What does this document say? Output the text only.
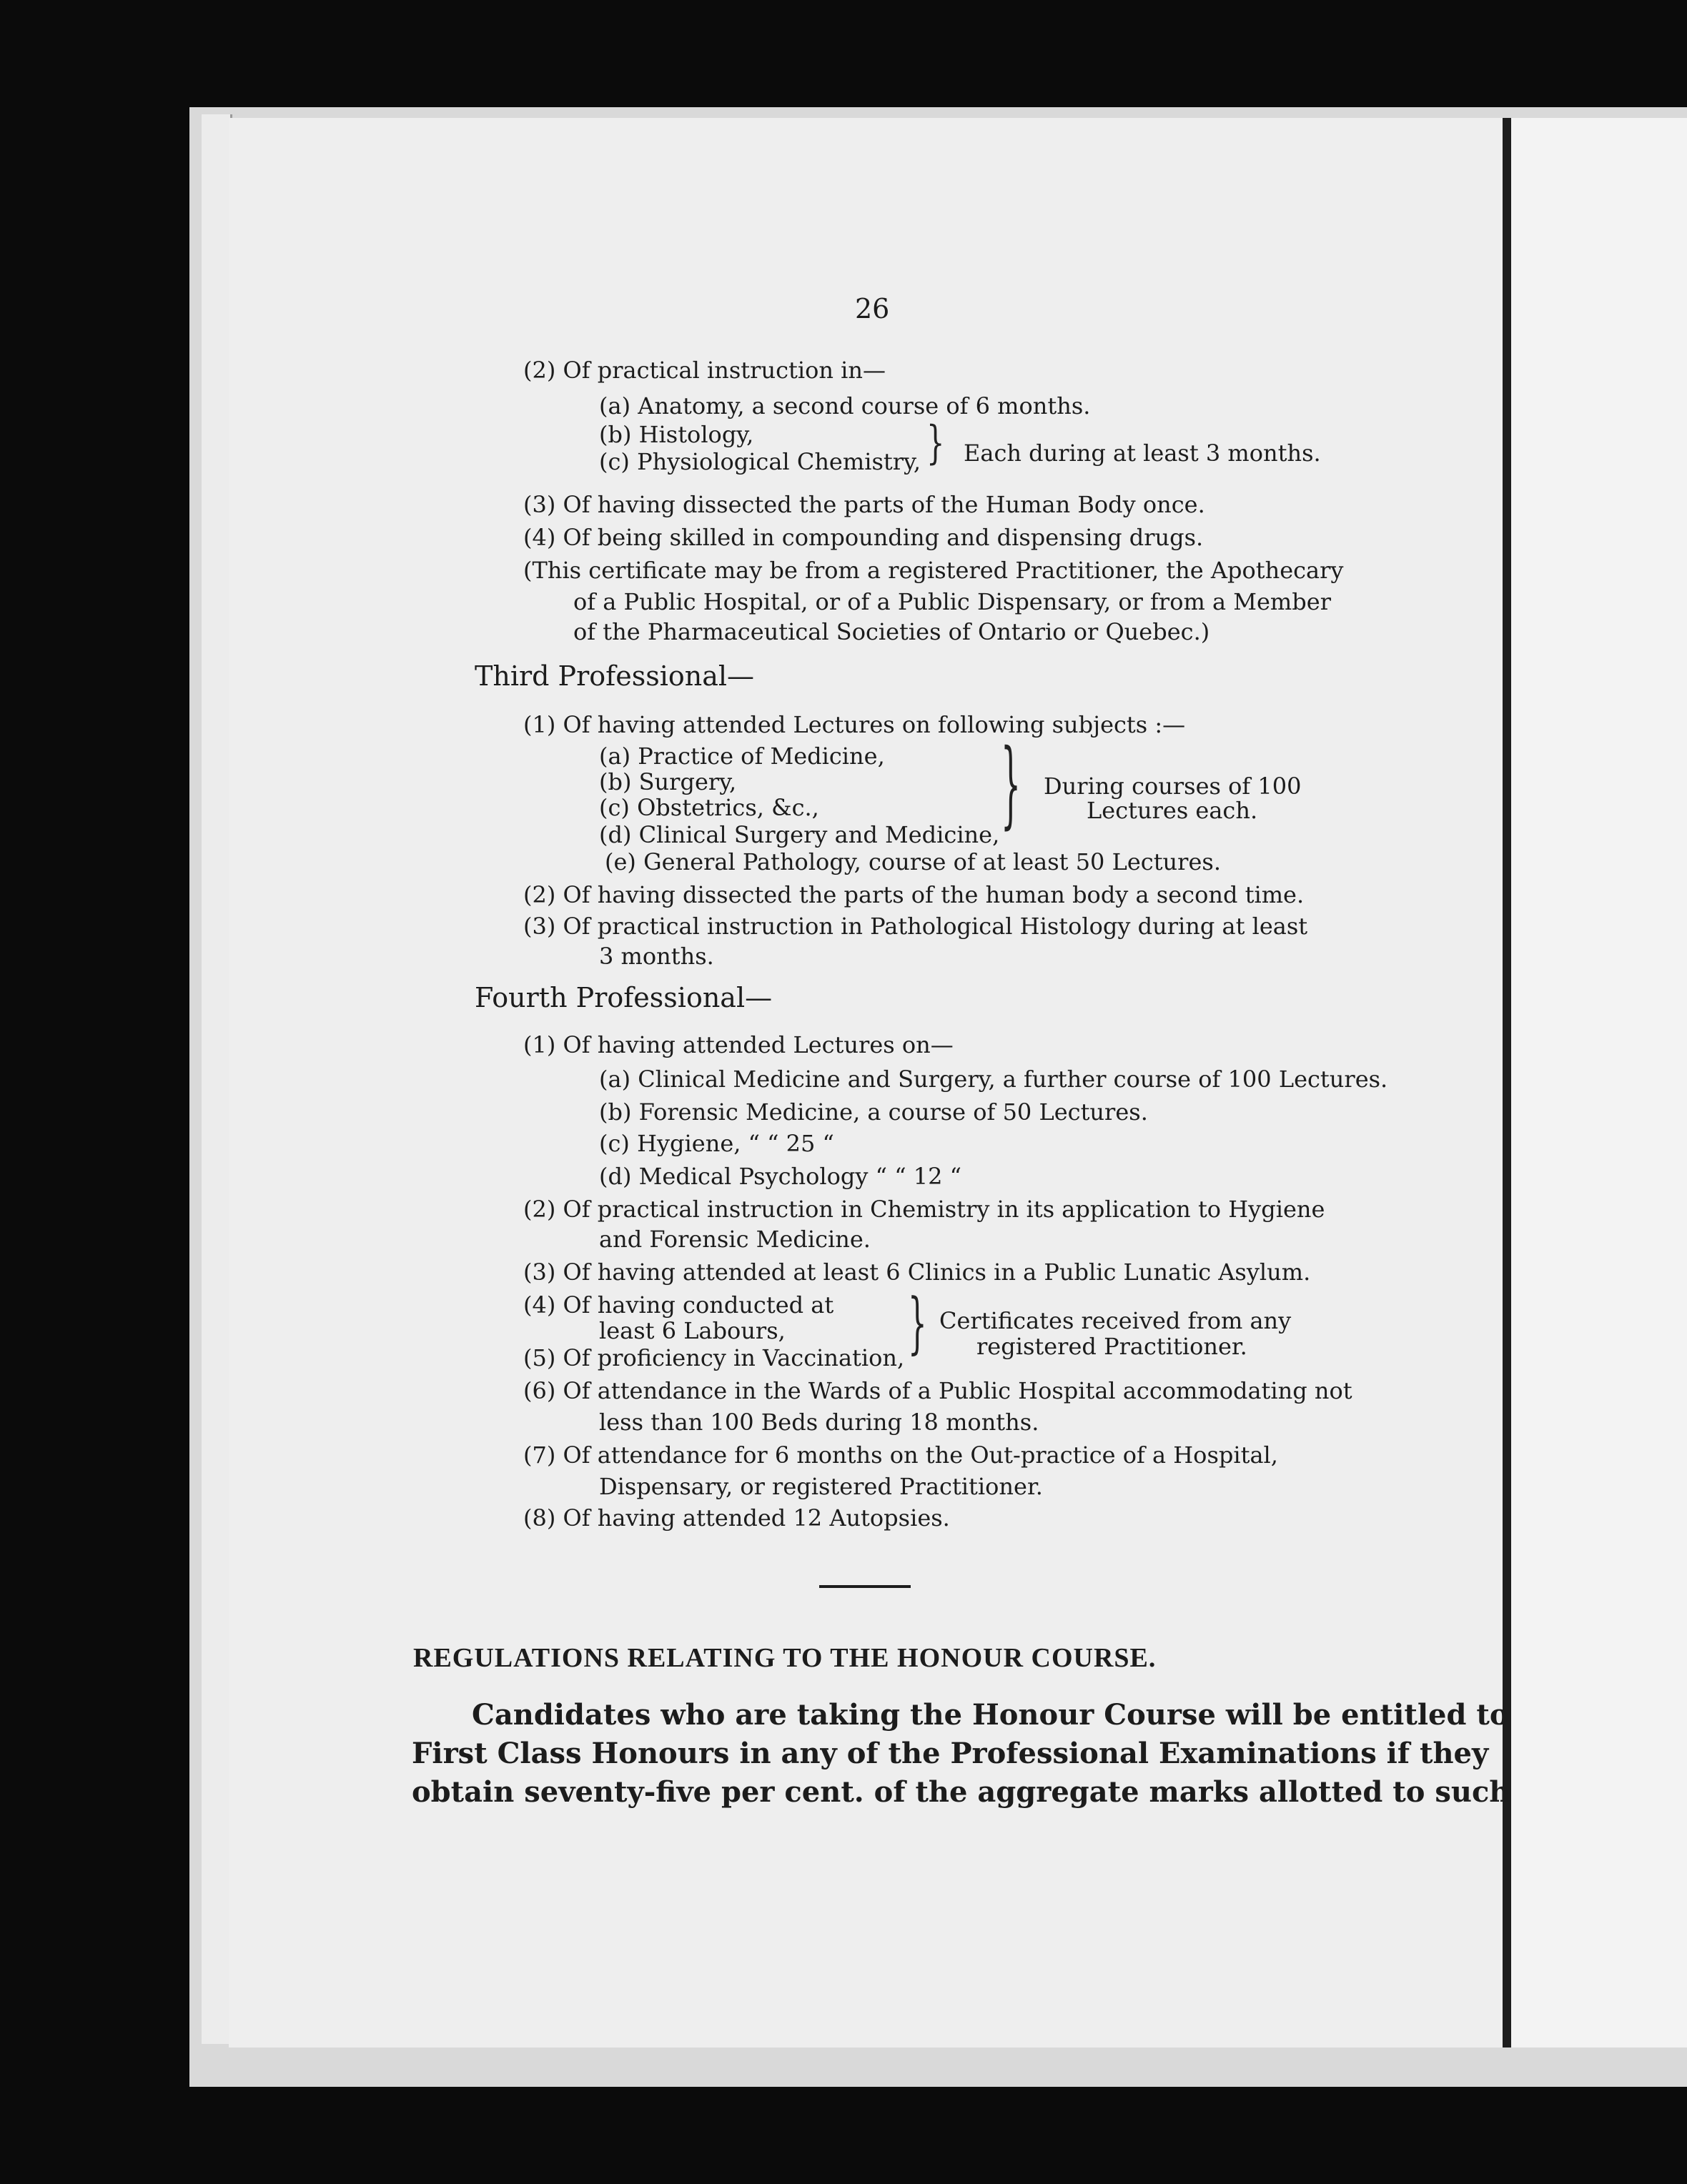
26
(2) Of practical instruction in—
(a) Anatomy, a second course of 6 months.
(b) Histology,
(c) Physiological Chemistry, } Each during at least 3 months.
(3) Of having dissected the parts of the Human Body once.
(4) Of being skilled in compounding and dispensing drugs.
(This certificate may be from a registered Practitioner, the Apothecary
of a Public Hospital, or of a Public Dispensary, or from a Member
of the Pharmaceutical Societies of Ontario or Quebec.)
Third Professional—
(1) Of having attended Lectures on following subjects :—
(a) Practice of Medicine,
(b) Surgery,
(c) Obstetrics, &c.,
(d) Clinical Surgery and Medicine, } During courses of 100
Lectures each.
(e) General Pathology, course of at least 50 Lectures.
(2) Of having dissected the parts of the human body a second time.
(3) Of practical instruction in Pathological Histology during at least
3 months.
Fourth Professional—
(1) Of having attended Lectures on—
(a) Clinical Medicine and Surgery, a further course of 100 Lectures.
(b) Forensic Medicine, a course of 50 Lectures.
(c) Hygiene, “ “ 25 “
(d) Medical Psychology “ “ 12 “
(2) Of practical instruction in Chemistry in its application to Hygiene
and Forensic Medicine.
(3) Of having attended at least 6 Clinics in a Public Lunatic Asylum.
(4) Of having conducted at
least 6 Labours,
(5) Of proficiency in Vaccination, } Certificates received from any
registered Practitioner.
(6) Of attendance in the Wards of a Public Hospital accommodating not
less than 100 Beds during 18 months.
(7) Of attendance for 6 months on the Out-practice of a Hospital,
Dispensary, or registered Practitioner.
(8) Of having attended 12 Autopsies.
REGULATIONS RELATING TO THE HONOUR COURSE.
Candidates who are taking the Honour Course will be entitled to
First Class Honours in any of the Professional Examinations if they
obtain seventy-five per cent. of the aggregate marks allotted to such
